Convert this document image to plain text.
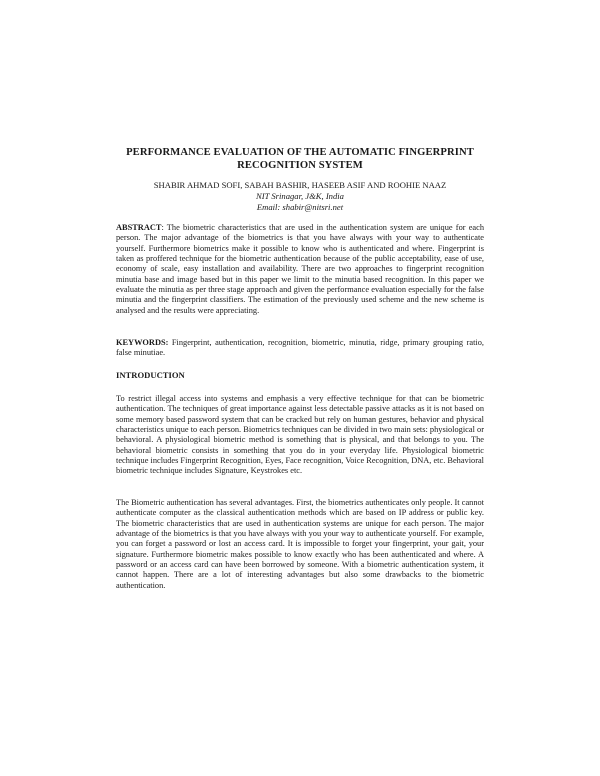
PERFORMANCE EVALUATION OF THE AUTOMATIC FINGERPRINT RECOGNITION SYSTEM
SHABIR AHMAD SOFI, SABAH BASHIR, HASEEB ASIF AND ROOHIE NAAZ
NIT Srinagar, J&K, India
Email: shabir@nitsri.net

ABSTRACT: The biometric characteristics that are used in the authentication system are unique for each person. The major advantage of the biometrics is that you have always with your way to authenticate yourself. Furthermore biometrics make it possible to know who is authenticated and where. Fingerprint is taken as proffered technique for the biometric authentication because of the public acceptability, ease of use, economy of scale, easy installation and availability. There are two approaches to fingerprint recognition minutia base and image based but in this paper we limit to the minutia based recognition. In this paper we evaluate the minutia as per three stage approach and given the performance evaluation especially for the false minutia and the fingerprint classifiers. The estimation of the previously used scheme and the new scheme is analysed and the results were appreciating.

KEYWORDS: Fingerprint, authentication, recognition, biometric, minutia, ridge, primary grouping ratio, false minutiae.

INTRODUCTION

To restrict illegal access into systems and emphasis a very effective technique for that can be biometric authentication. The techniques of great importance against less detectable passive attacks as it is not based on some memory based password system that can be cracked but rely on human gestures, behavior and physical characteristics unique to each person. Biometrics techniques can be divided in two main sets: physiological or behavioral. A physiological biometric method is something that is physical, and that belongs to you. The behavioral biometric consists in something that you do in your everyday life. Physiological biometric technique includes Fingerprint Recognition, Eyes, Face recognition, Voice Recognition, DNA, etc. Behavioral biometric technique includes Signature, Keystrokes etc.

The Biometric authentication has several advantages. First, the biometrics authenticates only people. It cannot authenticate computer as the classical authentication methods which are based on IP address or public key. The biometric characteristics that are used in authentication systems are unique for each person. The major advantage of the biometrics is that you have always with you your way to authenticate yourself. For example, you can forget a password or lost an access card. It is impossible to forget your fingerprint, your gait, your signature. Furthermore biometric makes possible to know exactly who has been authenticated and where. A password or an access card can have been borrowed by someone. With a biometric authentication system, it cannot happen. There are a lot of interesting advantages but also some drawbacks to the biometric authentication.
